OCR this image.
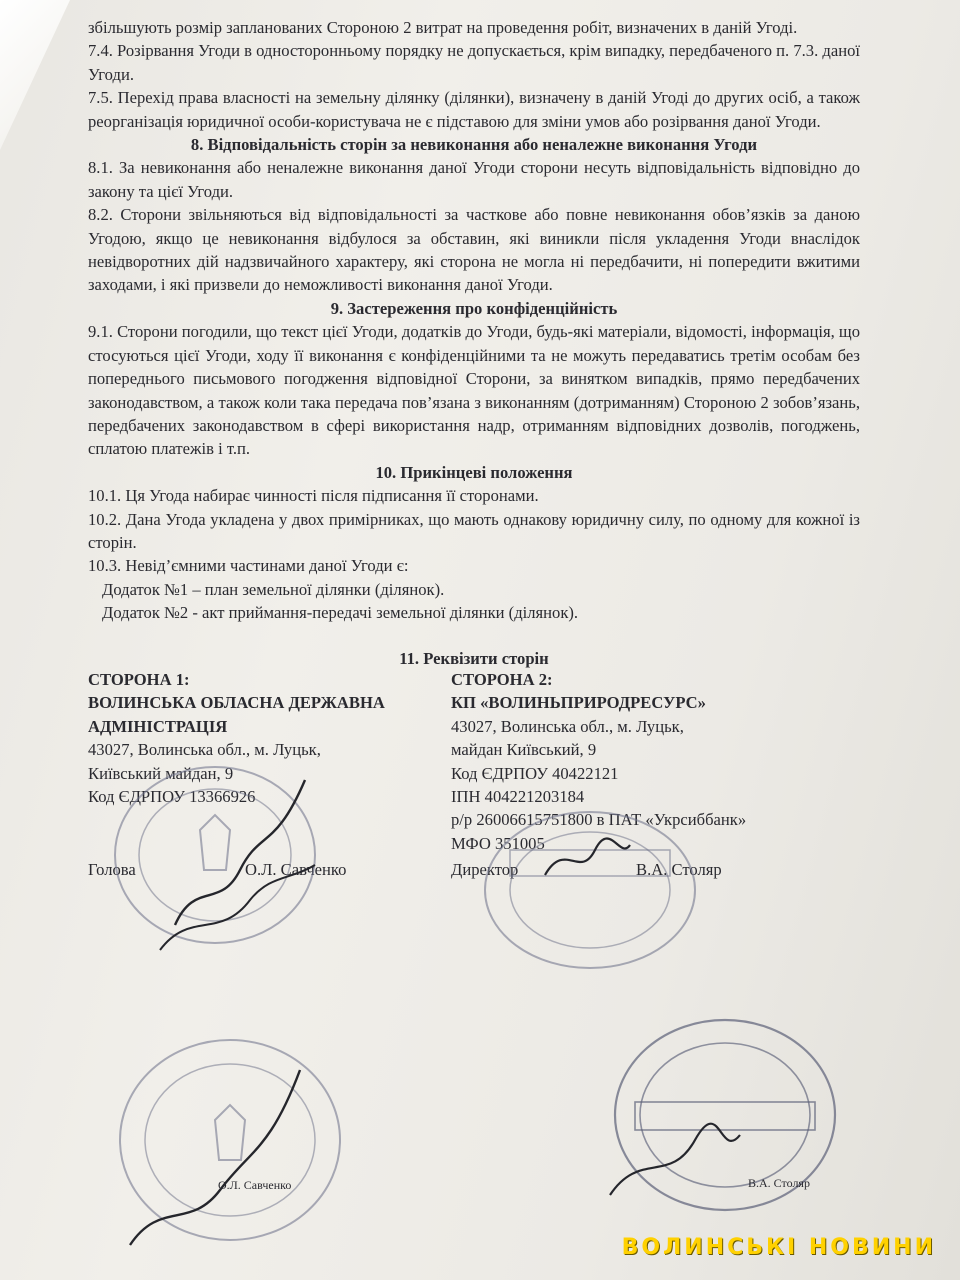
збільшують розмір запланованих Стороною 2 витрат на проведення робіт, визначених в даній Угоді.

7.4. Розірвання Угоди в односторонньому порядку не допускається, крім випадку, передбаченого п. 7.3. даної Угоди.

7.5. Перехід права власності на земельну ділянку (ділянки), визначену в даній Угоді до других осіб, а також реорганізація юридичної особи-користувача не є підставою для зміни умов або розірвання даної Угоди.

8. Відповідальність сторін за невиконання або неналежне виконання Угоди

8.1. За невиконання або неналежне виконання даної Угоди сторони несуть відповідальність відповідно до закону та цієї Угоди.

8.2. Сторони звільняються від відповідальності за часткове або повне невиконання обов’язків за даною Угодою, якщо це невиконання відбулося за обставин, які виникли після укладення Угоди внаслідок невідворотних дій надзвичайного характеру, які сторона не могла ні передбачити, ні попередити вжитими заходами, і які призвели до неможливості виконання даної Угоди.

9. Застереження про конфіденційність

9.1. Сторони погодили, що текст цієї Угоди, додатків до Угоди, будь-які матеріали, відомості, інформація, що стосуються цієї Угоди, ходу її виконання є конфіденційними та не можуть передаватись третім особам без попереднього письмового погодження відповідної Сторони, за винятком випадків, прямо передбачених законодавством, а також коли така передача пов’язана з виконанням (дотриманням) Стороною 2 зобов’язань, передбачених законодавством в сфері використання надр, отриманням відповідних дозволів, погоджень, сплатою платежів і т.п.

10. Прикінцеві положення

10.1. Ця Угода набирає чинності після підписання її сторонами.

10.2. Дана Угода укладена у двох примірниках, що мають однакову юридичну силу, по одному для кожної із сторін.

10.3. Невід’ємними частинами даної Угоди є:

Додаток №1 – план земельної ділянки (ділянок).

Додаток №2 - акт приймання-передачі земельної ділянки (ділянок).

11. Реквізити сторін
СТОРОНА 1:
ВОЛИНСЬКА ОБЛАСНА ДЕРЖАВНА
АДМІНІСТРАЦІЯ
43027, Волинська обл., м. Луцьк,
Київський майдан, 9
Код ЄДРПОУ 13366926
СТОРОНА 2:
КП «ВОЛИНЬПРИРОДРЕСУРС»
43027, Волинська обл., м. Луцьк,
майдан Київський, 9
Код ЄДРПОУ 40422121
ІПН 404221203184
р/р 26006615751800 в ПАТ «Укрсиббанк»
МФО 351005
Голова	О.Л. Савченко	Директор	В.А. Столяр
О.Л. Савченко	В.А. Столяр
ВОЛИНСЬКІ НОВИНИ
